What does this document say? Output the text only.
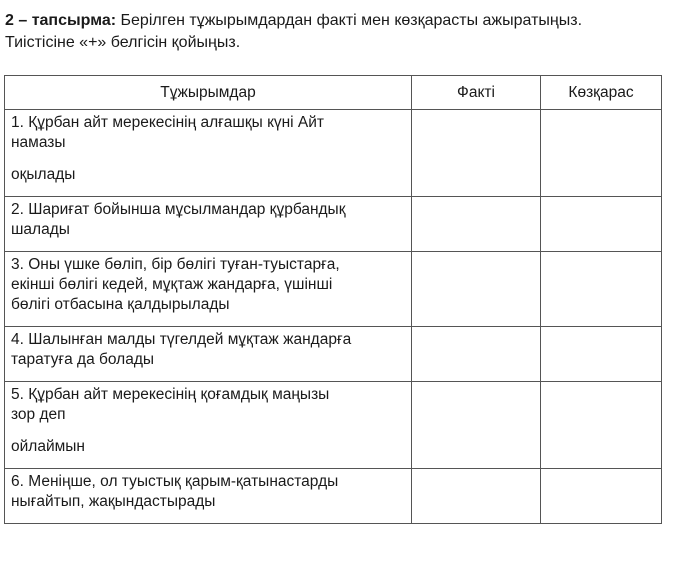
2 – тапсырма: Берілген тұжырымдардан факті мен көзқарасты ажыратыңыз.
Тиістісіне «+» белгісін қойыңыз.
Тұжырымдар	Факті	Көзқарас

1. Құрбан айт мерекесінің алғашқы күні Айт
намазы
оқылады		

2. Шариғат бойынша мұсылмандар құрбандық
шалады		

3. Оны үшке бөліп, бір бөлігі туған-туыстарға,
екінші бөлігі кедей, мұқтаж жандарға, үшінші
бөлігі отбасына қалдырылады		

4. Шалынған малды түгелдей мұқтаж жандарға
таратуға да болады		

5. Құрбан айт мерекесінің қоғамдық маңызы
зор деп
ойлаймын		

6. Меніңше, ол туыстық қарым-қатынастарды
нығайтып, жақындастырады		
